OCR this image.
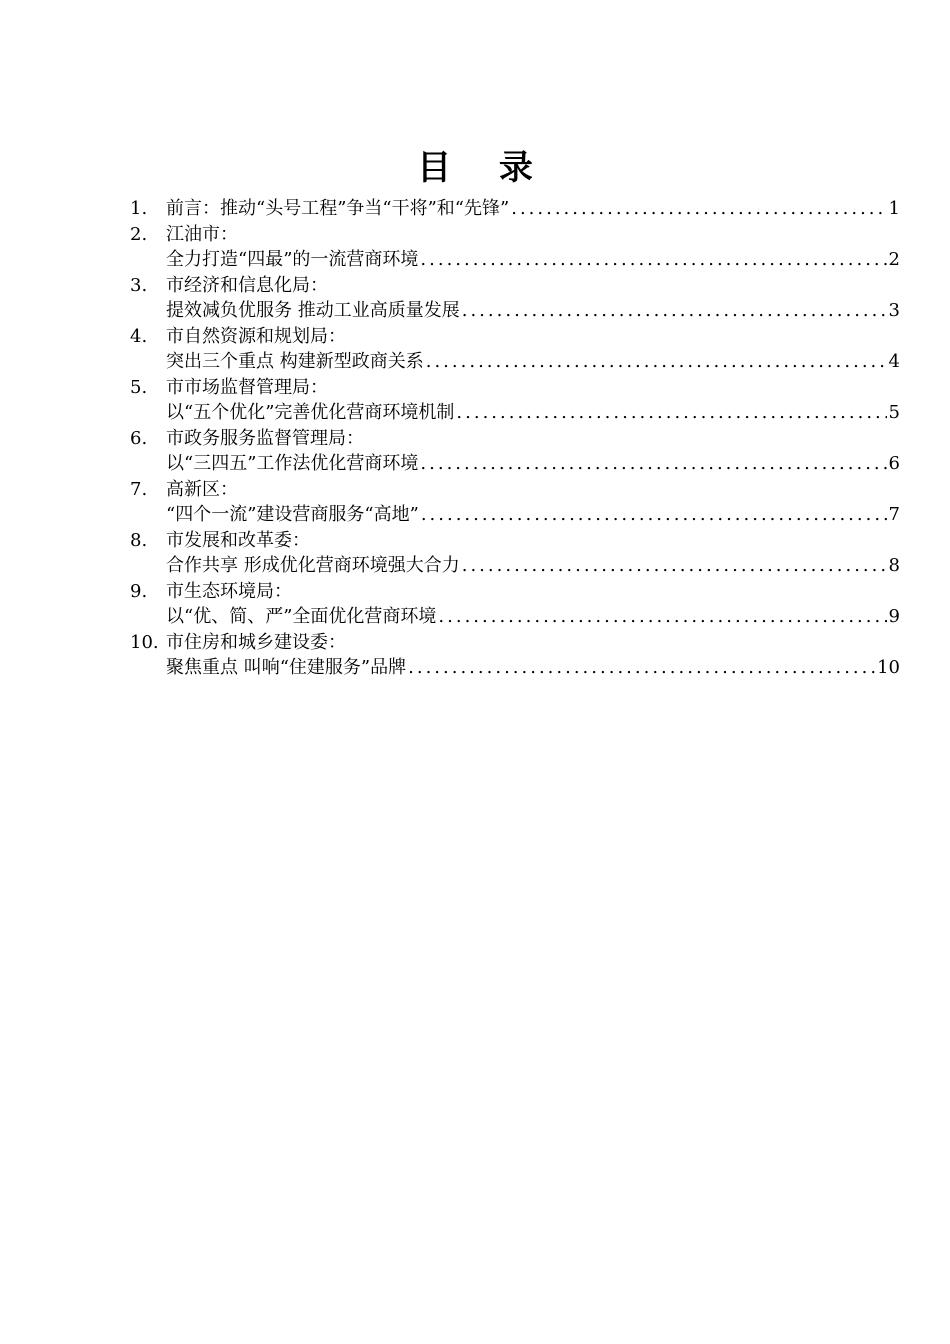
目 录
1.	前言：推动“头号工程”争当“干将”和“先锋” .....	1
2.	江油市：
全力打造“四最”的一流营商环境 .....	2
3.	市经济和信息化局：
提效减负优服务 推动工业高质量发展 .....	3
4.	市自然资源和规划局：
突出三个重点 构建新型政商关系 .....	4
5.	市市场监督管理局：
以“五个优化”完善优化营商环境机制 .....	5
6.	市政务服务监督管理局：
以“三四五”工作法优化营商环境 .....	6
7.	高新区：
“四个一流”建设营商服务“高地” .....	7
8.	市发展和改革委：
合作共享 形成优化营商环境强大合力 .....	8
9.	市生态环境局：
以“优、简、严”全面优化营商环境 .....	9
10. 市住房和城乡建设委：
聚焦重点 叫响“住建服务”品牌 .....	10
